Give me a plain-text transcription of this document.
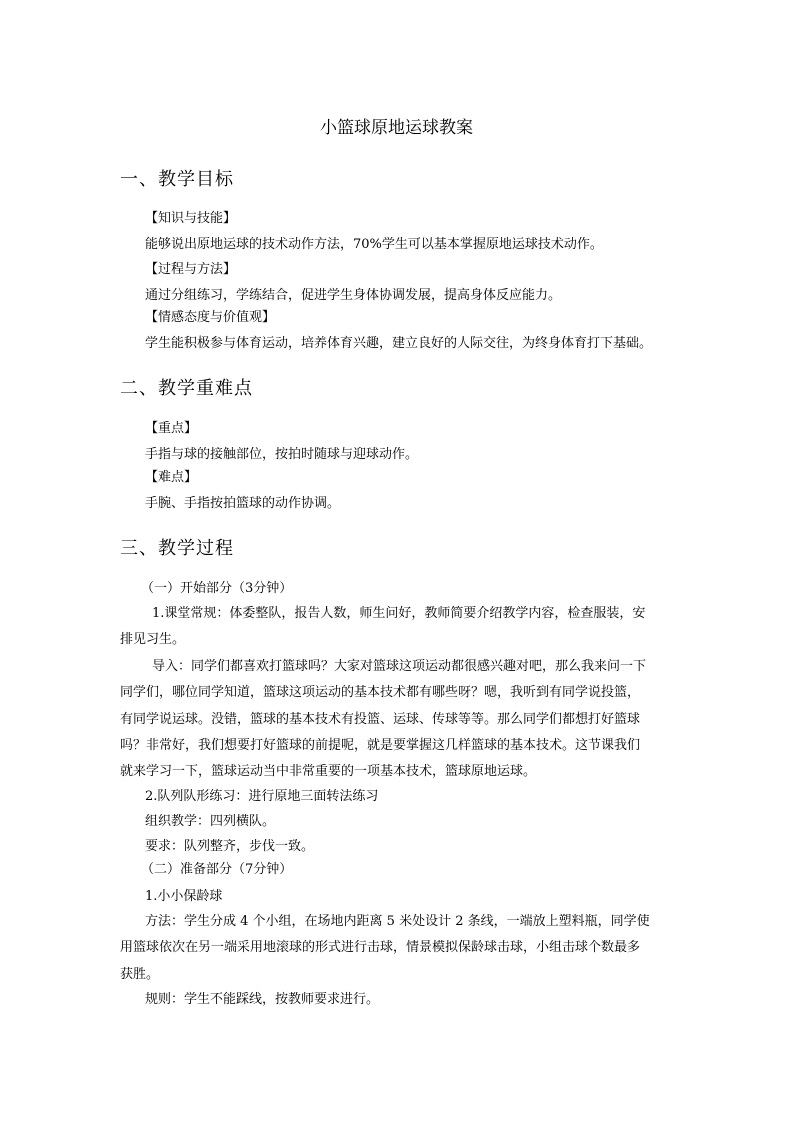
小篮球原地运球教案
一、教学目标
【知识与技能】
能够说出原地运球的技术动作方法，70%学生可以基本掌握原地运球技术动作。
【过程与方法】
通过分组练习，学练结合，促进学生身体协调发展，提高身体反应能力。
【情感态度与价值观】
学生能积极参与体育运动，培养体育兴趣，建立良好的人际交往，为终身体育打下基础。
二、教学重难点
【重点】
手指与球的接触部位，按拍时随球与迎球动作。
【难点】
手腕、手指按拍篮球的动作协调。
三、教学过程
（一）开始部分（3分钟）
1.课堂常规：体委整队，报告人数，师生问好，教师简要介绍教学内容，检查服装，安
排见习生。
导入：同学们都喜欢打篮球吗？大家对篮球这项运动都很感兴趣对吧，那么我来问一下
同学们，哪位同学知道，篮球这项运动的基本技术都有哪些呀？嗯，我听到有同学说投篮，
有同学说运球。没错，篮球的基本技术有投篮、运球、传球等等。那么同学们都想打好篮球
吗？非常好，我们想要打好篮球的前提呢，就是要掌握这几样篮球的基本技术。这节课我们
就来学习一下，篮球运动当中非常重要的一项基本技术，篮球原地运球。
2.队列队形练习：进行原地三面转法练习
组织教学：四列横队。
要求：队列整齐，步伐一致。
（二）准备部分（7分钟）
1.小小保龄球
方法：学生分成 4 个小组，在场地内距离 5 米处设计 2 条线，一端放上塑料瓶，同学使
用篮球依次在另一端采用地滚球的形式进行击球，情景模拟保龄球击球，小组击球个数最多
获胜。
规则：学生不能踩线，按教师要求进行。
